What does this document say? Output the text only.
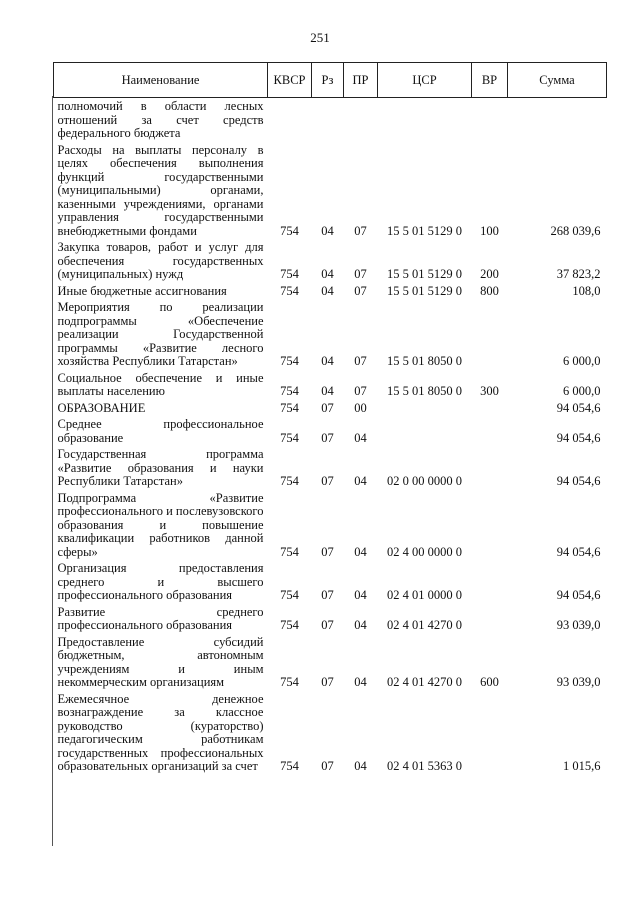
251
Наименование	КВСР	Рз	ПР	ЦСР	ВР	Сумма
полномочий в области лесных отношений за счет средств федерального бюджета						
Расходы на выплаты персоналу в целях обеспечения выполнения функций государственными (муниципальными) органами, казенными учреждениями, органами управления государственными внебюджетными фондами	754	04	07	15 5 01 5129 0	100	268 039,6
Закупка товаров, работ и услуг для обеспечения государственных (муниципальных) нужд	754	04	07	15 5 01 5129 0	200	37 823,2
Иные бюджетные ассигнования	754	04	07	15 5 01 5129 0	800	108,0
Мероприятия по реализации подпрограммы «Обеспечение реализации Государственной программы «Развитие лесного хозяйства Республики Татарстан»	754	04	07	15 5 01 8050 0		6 000,0
Социальное обеспечение и иные выплаты населению	754	04	07	15 5 01 8050 0	300	6 000,0
ОБРАЗОВАНИЕ	754	07	00			94 054,6
Среднее профессиональное образование	754	07	04			94 054,6
Государственная программа «Развитие образования и науки Республики Татарстан»	754	07	04	02 0 00 0000 0		94 054,6
Подпрограмма «Развитие профессионального и послевузовского образования и повышение квалификации работников данной сферы»	754	07	04	02 4 00 0000 0		94 054,6
Организация предоставления среднего и высшего профессионального образования	754	07	04	02 4 01 0000 0		94 054,6
Развитие среднего профессионального образования	754	07	04	02 4 01 4270 0		93 039,0
Предоставление субсидий бюджетным, автономным учреждениям и иным некоммерческим организациям	754	07	04	02 4 01 4270 0	600	93 039,0
Ежемесячное денежное вознаграждение за классное руководство (кураторство) педагогическим работникам государственных профессиональных образовательных организаций за счет	754	07	04	02 4 01 5363 0		1 015,6
